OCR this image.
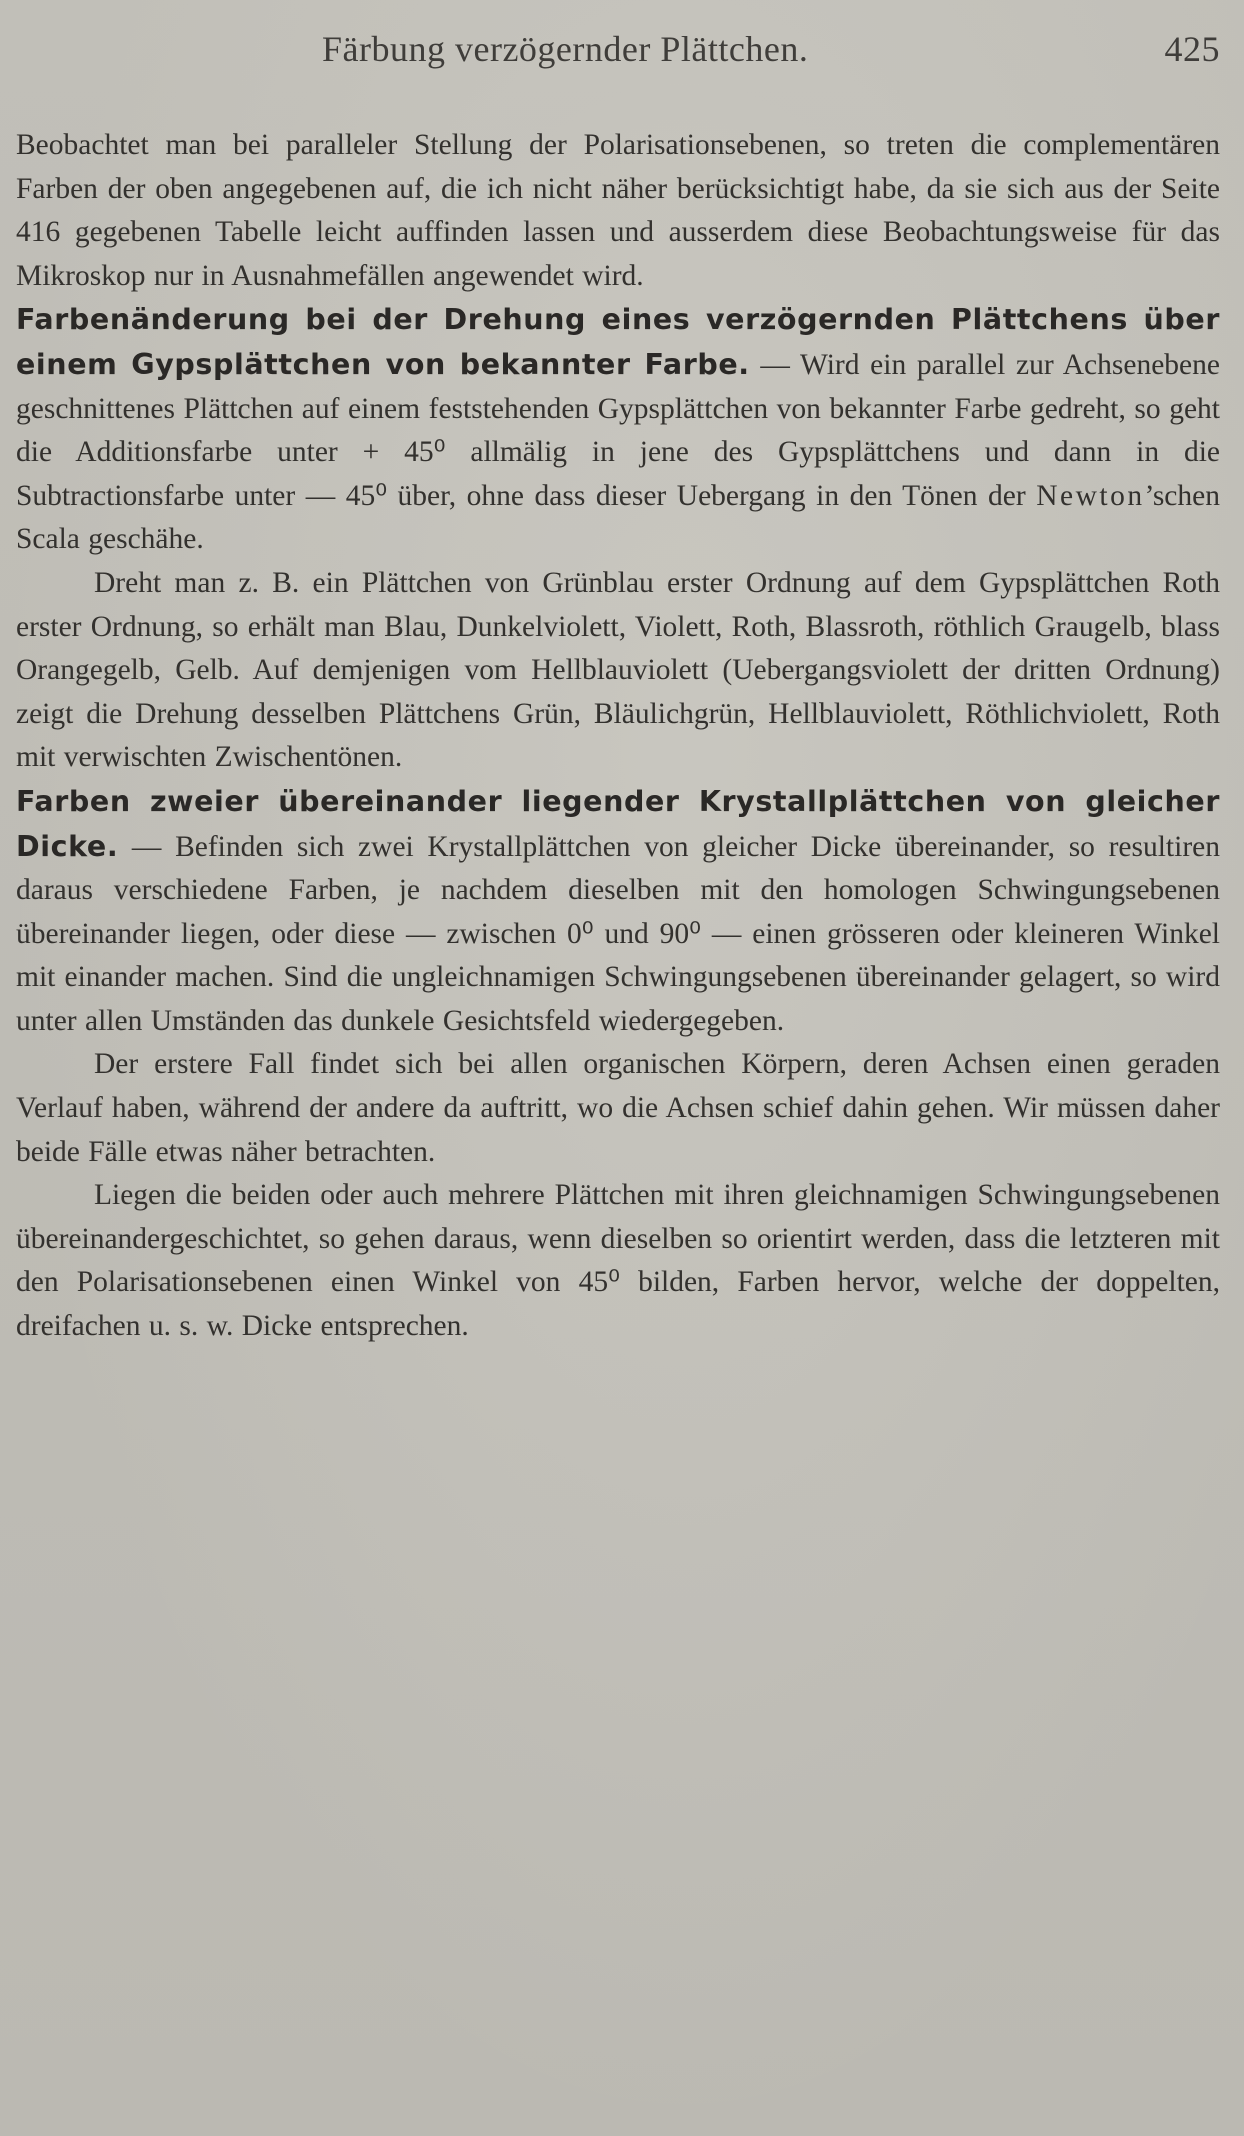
Färbung verzögernder Plättchen.	425

Beobachtet man bei paralleler Stellung der Polarisationsebenen, so treten die complementären Farben der oben angegebenen auf, die ich nicht näher berücksichtigt habe, da sie sich aus der Seite 416 gegebenen Tabelle leicht auffinden lassen und ausserdem diese Beobachtungsweise für das Mikroskop nur in Ausnahmefällen angewendet wird.

Farbenänderung bei der Drehung eines verzögernden Plättchens über einem Gypsplättchen von bekannter Farbe. — Wird ein parallel zur Achsenebene geschnittenes Plättchen auf einem feststehenden Gypsplättchen von bekannter Farbe gedreht, so geht die Additionsfarbe unter + 45⁰ allmälig in jene des Gypsplättchens und dann in die Subtractionsfarbe unter — 45⁰ über, ohne dass dieser Uebergang in den Tönen der Newton’schen Scala geschähe.

Dreht man z. B. ein Plättchen von Grünblau erster Ordnung auf dem Gypsplättchen Roth erster Ordnung, so erhält man Blau, Dunkelviolett, Violett, Roth, Blassroth, röthlich Graugelb, blass Orangegelb, Gelb. Auf demjenigen vom Hellblauviolett (Uebergangsviolett der dritten Ordnung) zeigt die Drehung desselben Plättchens Grün, Bläulichgrün, Hellblauviolett, Röthlichviolett, Roth mit verwischten Zwischentönen.

Farben zweier übereinander liegender Krystallplättchen von gleicher Dicke. — Befinden sich zwei Krystallplättchen von gleicher Dicke übereinander, so resultiren daraus verschiedene Farben, je nachdem dieselben mit den homologen Schwingungsebenen übereinander liegen, oder diese — zwischen 0⁰ und 90⁰ — einen grösseren oder kleineren Winkel mit einander machen. Sind die ungleichnamigen Schwingungsebenen übereinander gelagert, so wird unter allen Umständen das dunkele Gesichtsfeld wiedergegeben.

Der erstere Fall findet sich bei allen organischen Körpern, deren Achsen einen geraden Verlauf haben, während der andere da auftritt, wo die Achsen schief dahin gehen. Wir müssen daher beide Fälle etwas näher betrachten.

Liegen die beiden oder auch mehrere Plättchen mit ihren gleichnamigen Schwingungsebenen übereinandergeschichtet, so gehen daraus, wenn dieselben so orientirt werden, dass die letzteren mit den Polarisationsebenen einen Winkel von 45⁰ bilden, Farben hervor, welche der doppelten, dreifachen u. s. w. Dicke entsprechen.
